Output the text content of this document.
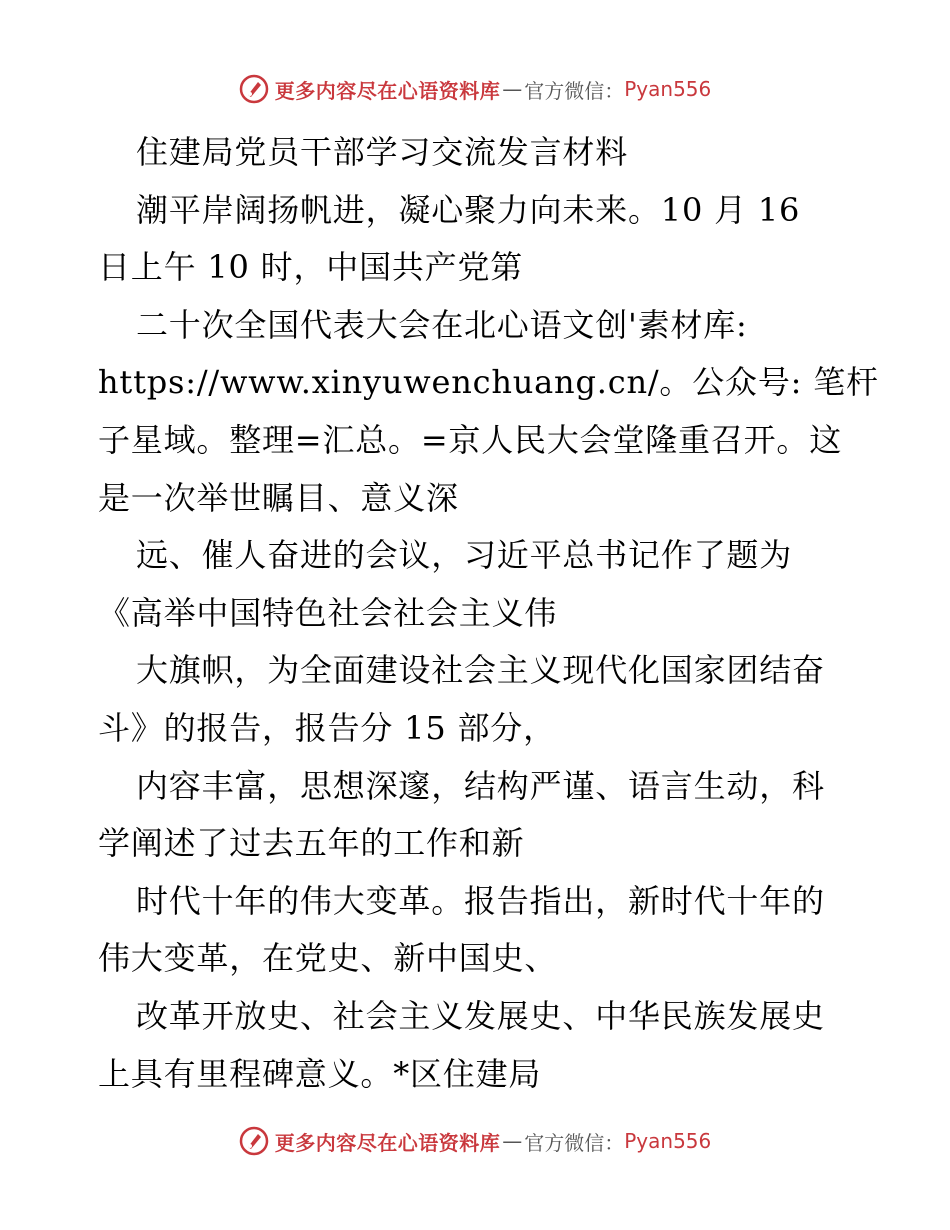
更多内容尽在心语资料库 — 官方微信： Pyan556
住建局党员干部学习交流发言材料
潮平岸阔扬帆进，凝心聚力向未来。10 月 16
日上午 10 时，中国共产党第
二十次全国代表大会在北心语文创'素材库:
https://www.xinyuwenchuang.cn/。公众号: 笔杆
子星域。整理=汇总。=京人民大会堂隆重召开。这
是一次举世瞩目、意义深
远、催人奋进的会议，习近平总书记作了题为
《高举中国特色社会社会主义伟
大旗帜，为全面建设社会主义现代化国家团结奋
斗》的报告，报告分 15 部分，
内容丰富，思想深邃，结构严谨、语言生动，科
学阐述了过去五年的工作和新
时代十年的伟大变革。报告指出，新时代十年的
伟大变革，在党史、新中国史、
改革开放史、社会主义发展史、中华民族发展史
上具有里程碑意义。*区住建局
更多内容尽在心语资料库 — 官方微信： Pyan556
